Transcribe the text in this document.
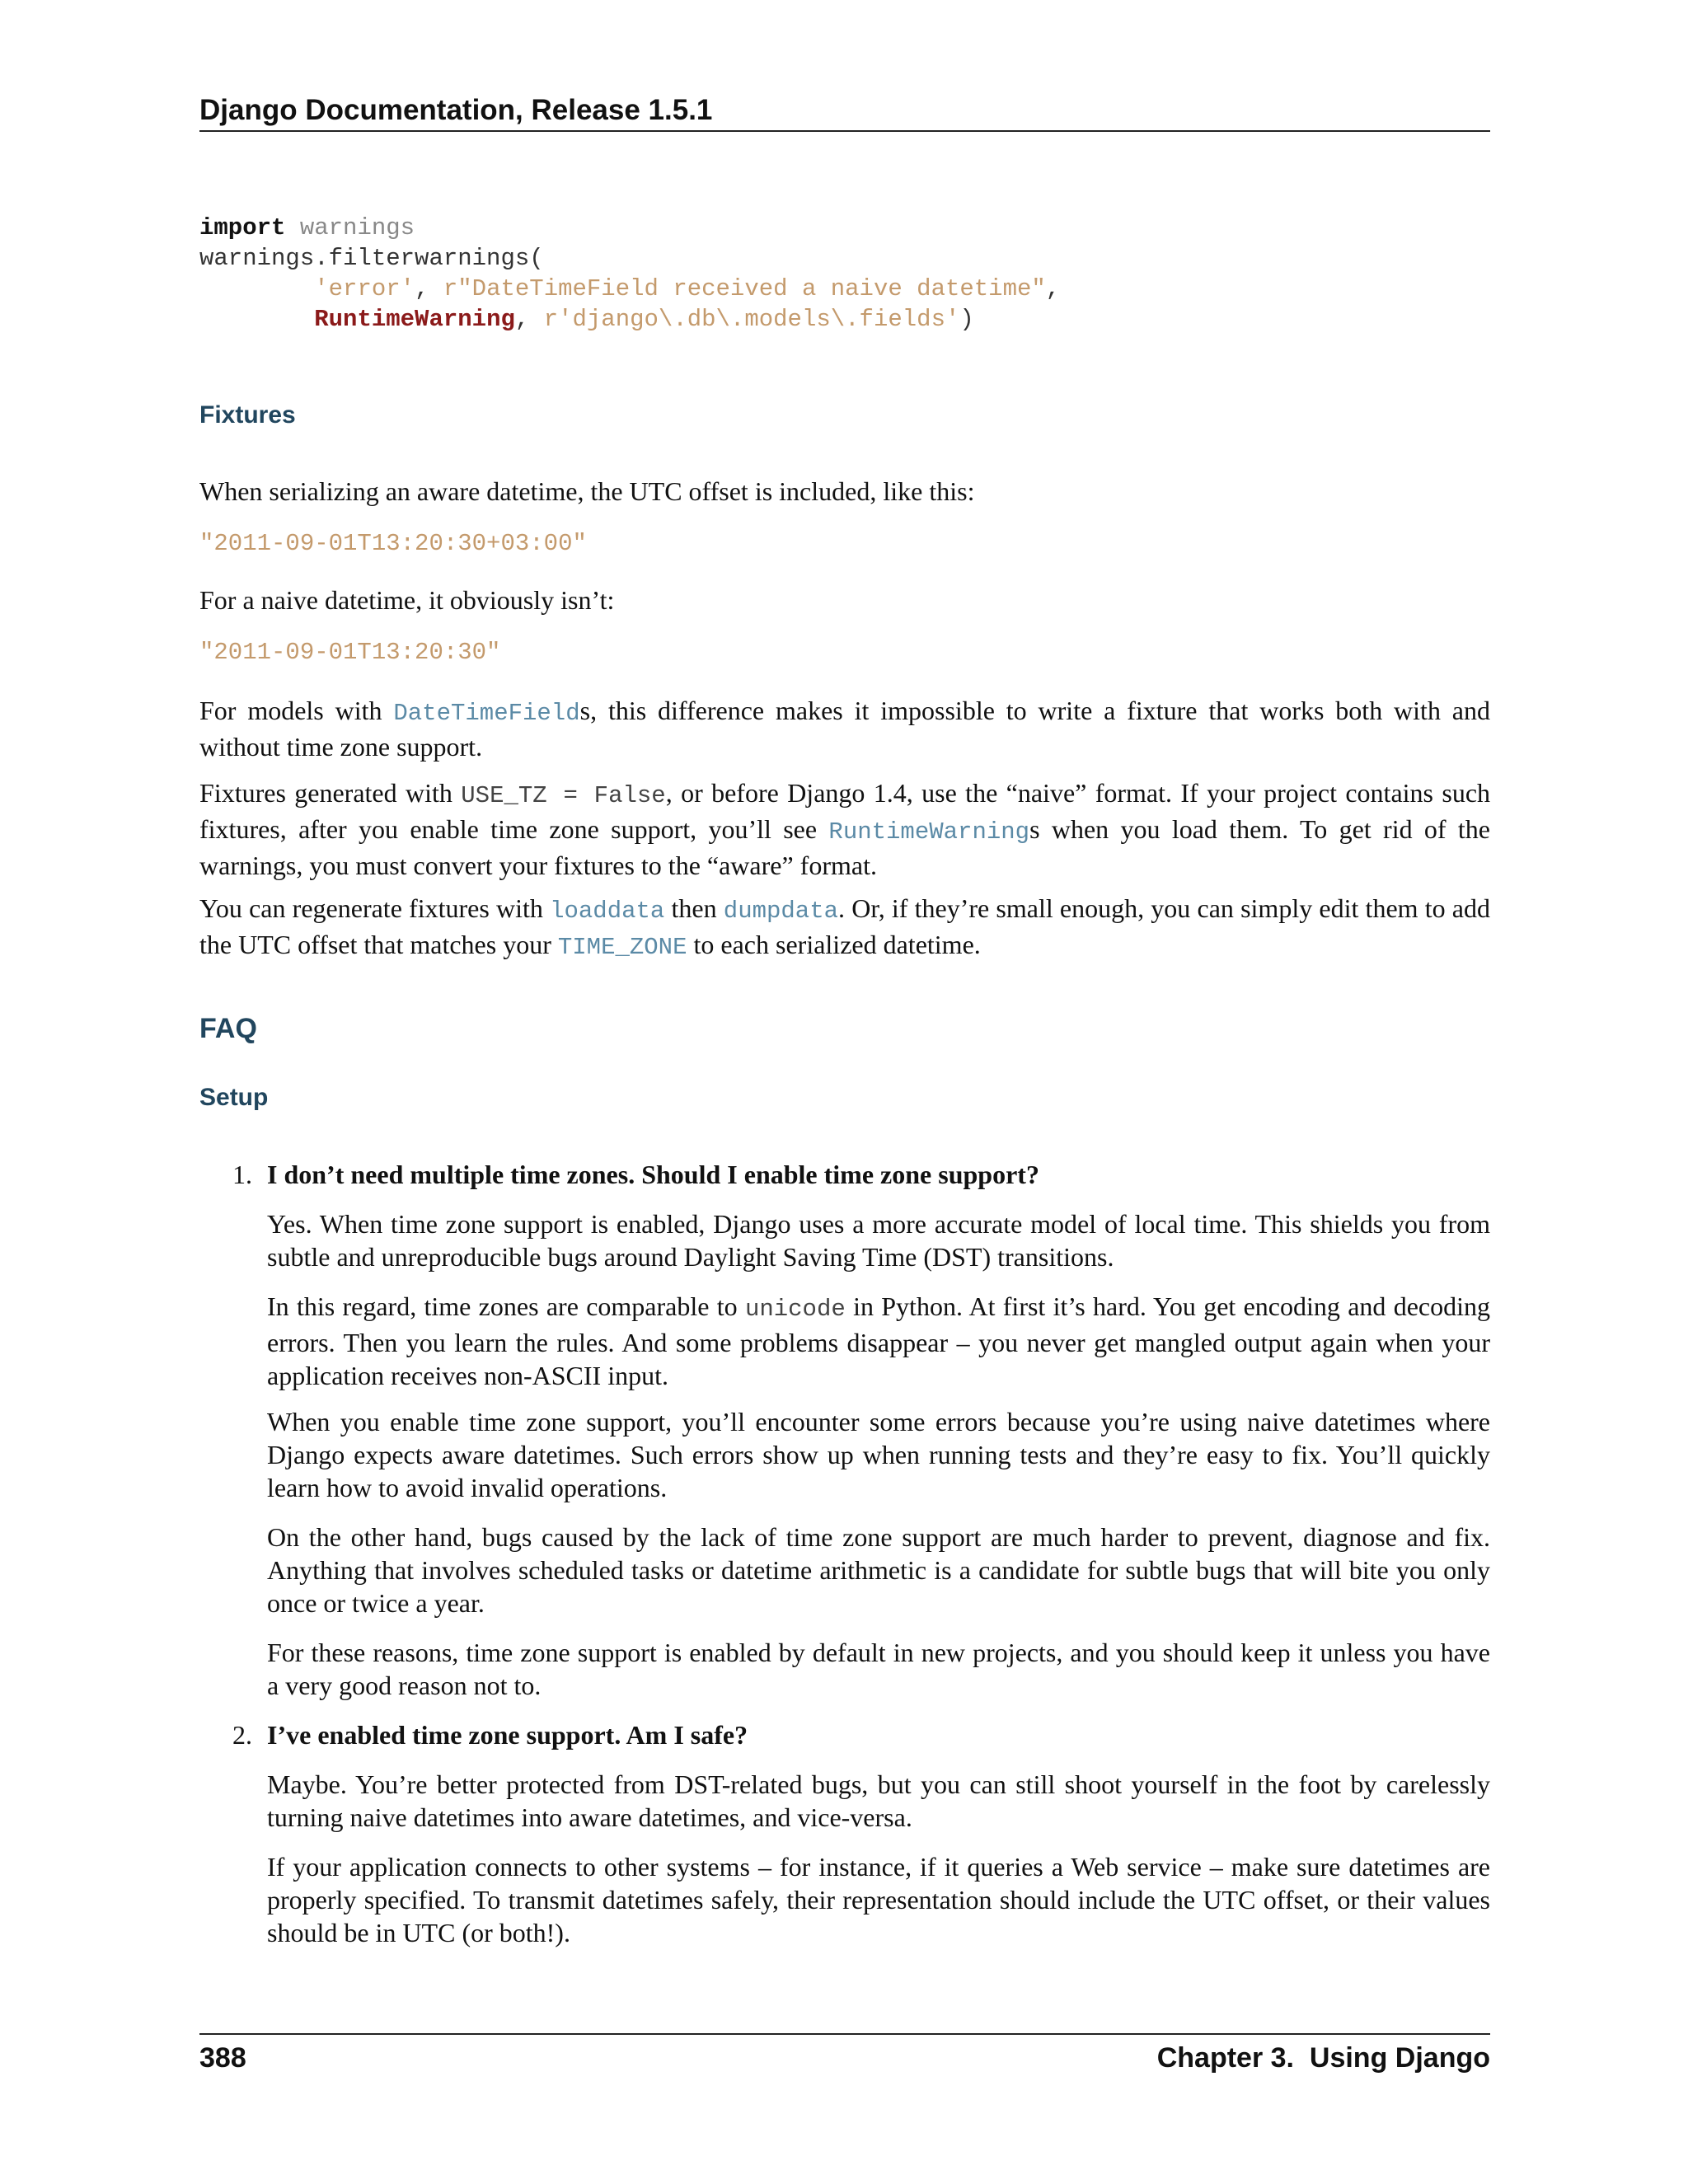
Django Documentation, Release 1.5.1
import warnings
warnings.filterwarnings(
'error', r"DateTimeField received a naive datetime",
RuntimeWarning, r'django\.db\.models\.fields')
Fixtures
When serializing an aware datetime, the UTC offset is included, like this:
"2011-09-01T13:20:30+03:00"
For a naive datetime, it obviously isn’t:
"2011-09-01T13:20:30"
For models with DateTimeFields, this difference makes it impossible to write a fixture that works both with and without time zone support.
Fixtures generated with USE_TZ = False, or before Django 1.4, use the “naive” format. If your project contains such fixtures, after you enable time zone support, you’ll see RuntimeWarnings when you load them. To get rid of the warnings, you must convert your fixtures to the “aware” format.
You can regenerate fixtures with loaddata then dumpdata. Or, if they’re small enough, you can simply edit them to add the UTC offset that matches your TIME_ZONE to each serialized datetime.
FAQ
Setup
1. I don’t need multiple time zones. Should I enable time zone support?
Yes. When time zone support is enabled, Django uses a more accurate model of local time. This shields you from subtle and unreproducible bugs around Daylight Saving Time (DST) transitions.
In this regard, time zones are comparable to unicode in Python. At first it’s hard. You get encoding and decoding errors. Then you learn the rules. And some problems disappear – you never get mangled output again when your application receives non-ASCII input.
When you enable time zone support, you’ll encounter some errors because you’re using naive datetimes where Django expects aware datetimes. Such errors show up when running tests and they’re easy to fix. You’ll quickly learn how to avoid invalid operations.
On the other hand, bugs caused by the lack of time zone support are much harder to prevent, diagnose and fix. Anything that involves scheduled tasks or datetime arithmetic is a candidate for subtle bugs that will bite you only once or twice a year.
For these reasons, time zone support is enabled by default in new projects, and you should keep it unless you have a very good reason not to.
2. I’ve enabled time zone support. Am I safe?
Maybe. You’re better protected from DST-related bugs, but you can still shoot yourself in the foot by carelessly turning naive datetimes into aware datetimes, and vice-versa.
If your application connects to other systems – for instance, if it queries a Web service – make sure datetimes are properly specified. To transmit datetimes safely, their representation should include the UTC offset, or their values should be in UTC (or both!).
388	Chapter 3.  Using Django
